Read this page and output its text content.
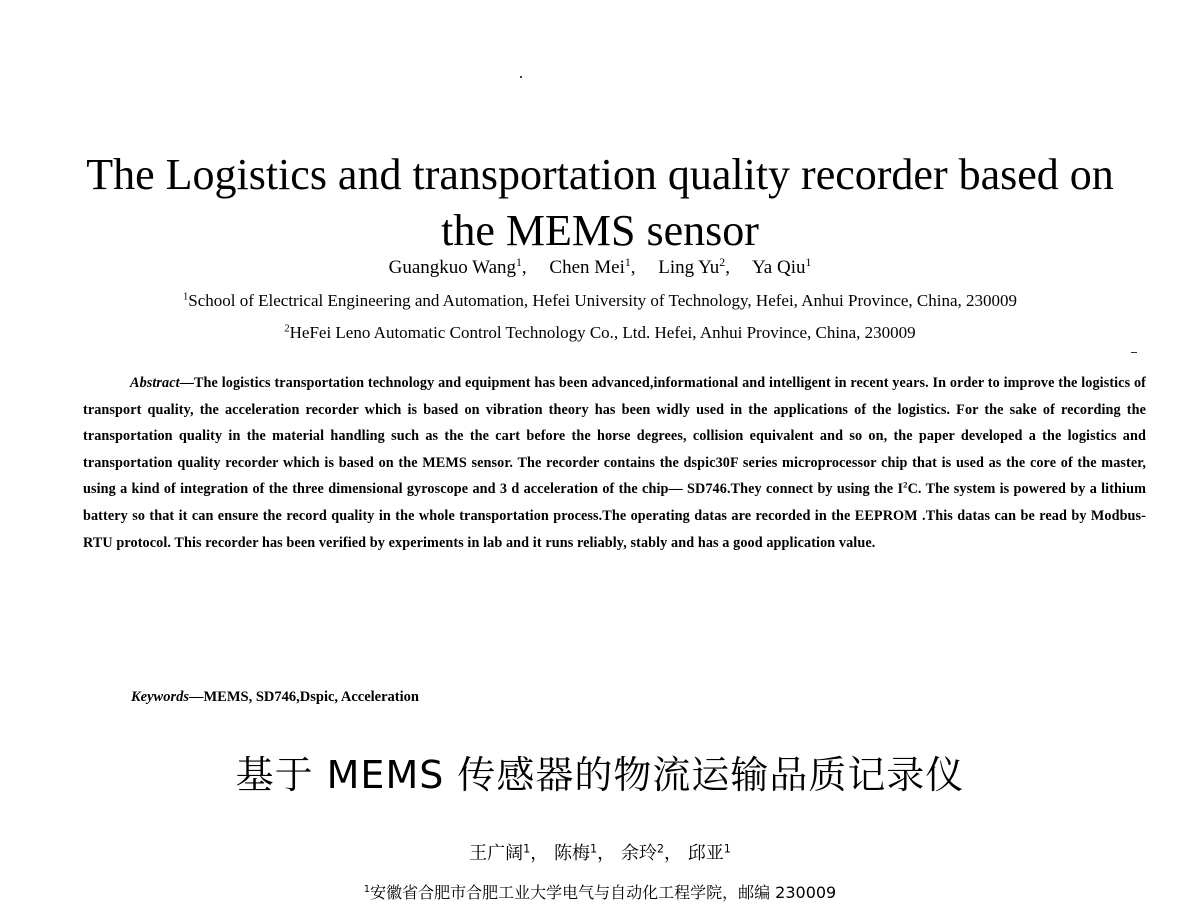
The Logistics and transportation quality recorder based on
the MEMS sensor
Guangkuo Wang$^1$, Chen Mei$^1$, Ling Yu$^2$, Ya Qiu$^1$
$^1$School of Electrical Engineering and Automation, Hefei University of Technology, Hefei, Anhui Province, China, 230009
$^2$HeFei Leno Automatic Control Technology Co., Ltd. Hefei, Anhui Province, China, 230009

Abstract—The logistics transportation technology and equipment has been advanced,informational and intelligent in recent years. In order to improve the logistics of transport quality, the acceleration recorder which is based on vibration theory has been widly used in the applications of the logistics. For the sake of recording the transportation quality in the material handling such as the the cart before the horse degrees, collision equivalent and so on, the paper developed a the logistics and transportation quality recorder which is based on the MEMS sensor. The recorder contains the dspic30F series microprocessor chip that is used as the core of the master, using a kind of integration of the three dimensional gyroscope and 3 d acceleration of the chip— SD746.They connect by using the $I^2C$. The system is powered by a lithium battery so that it can ensure the record quality in the whole transportation process.The operating datas are recorded in the EEPROM .This datas can be read by Modbus-RTU protocol. This recorder has been verified by experiments in lab and it runs reliably, stably and has a good application value.

Keywords—MEMS, SD746,Dspic, Acceleration
基于 MEMS 传感器的物流运输品质记录仪
王广阔$^1$， 陈梅$^1$， 余玲$^2$， 邱亚$^1$
$^1$安徽省合肥市合肥工业大学电气与自动化工程学院，邮编 230009
